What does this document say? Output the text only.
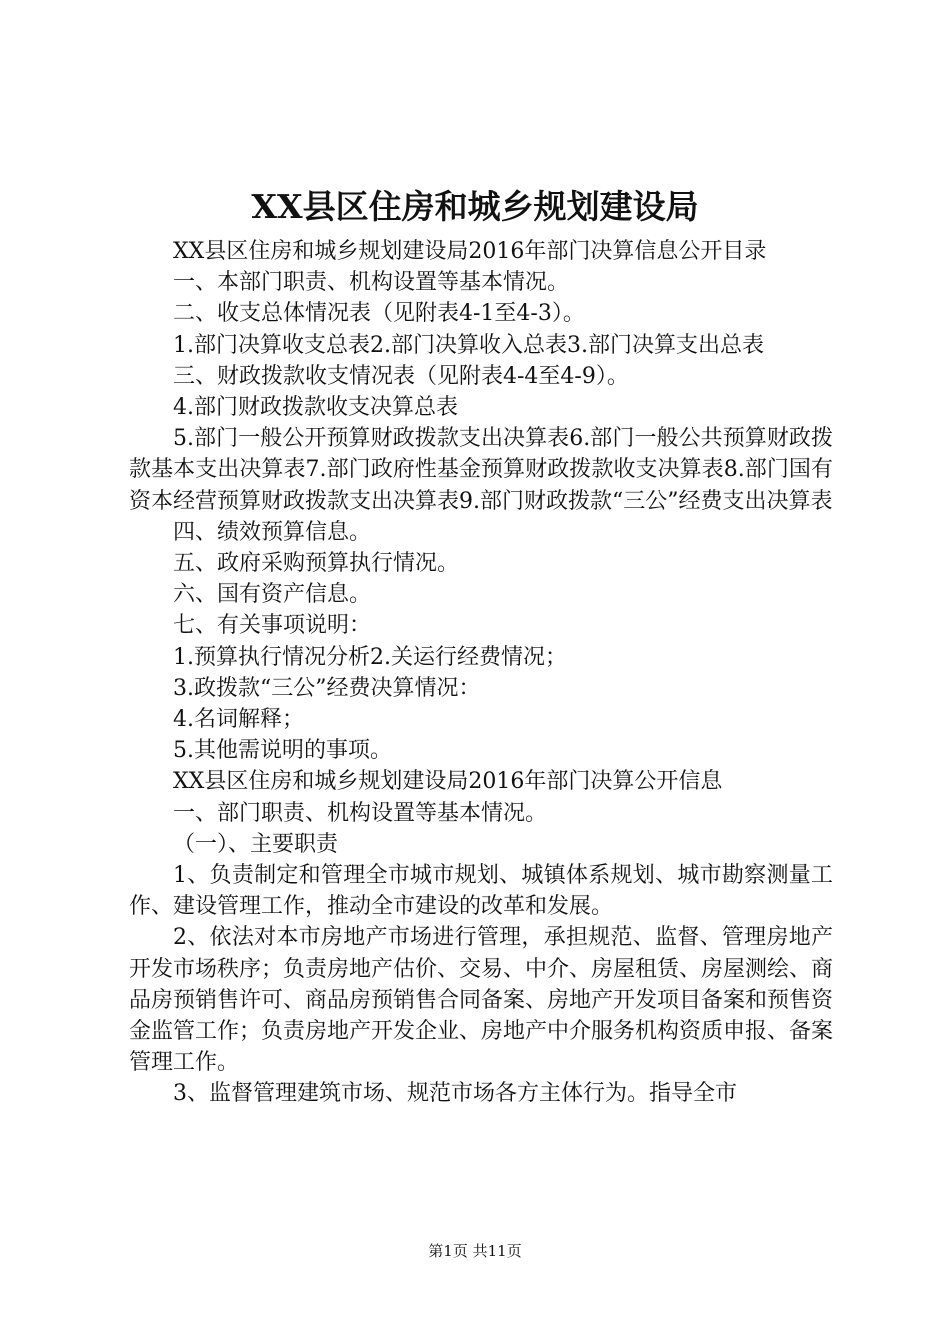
XX县区住房和城乡规划建设局

XX县区住房和城乡规划建设局2016年部门决算信息公开目录

一、本部门职责、机构设置等基本情况。

二、收支总体情况表（见附表4-1至4-3）。

1.部门决算收支总表2.部门决算收入总表3.部门决算支出总表

三、财政拨款收支情况表（见附表4-4至4-9）。

4.部门财政拨款收支决算总表

5.部门一般公开预算财政拨款支出决算表6.部门一般公共预算财政拨款基本支出决算表7.部门政府性基金预算财政拨款收支决算表8.部门国有资本经营预算财政拨款支出决算表9.部门财政拨款“三公”经费支出决算表

四、绩效预算信息。

五、政府采购预算执行情况。

六、国有资产信息。

七、有关事项说明：

1.预算执行情况分析2.关运行经费情况；

3.政拨款“三公”经费决算情况：

4.名词解释；

5.其他需说明的事项。

XX县区住房和城乡规划建设局2016年部门决算公开信息

一、部门职责、机构设置等基本情况。

（一）、主要职责

1、负责制定和管理全市城市规划、城镇体系规划、城市勘察测量工作、建设管理工作，推动全市建设的改革和发展。

2、依法对本市房地产市场进行管理，承担规范、监督、管理房地产开发市场秩序；负责房地产估价、交易、中介、房屋租赁、房屋测绘、商品房预销售许可、商品房预销售合同备案、房地产开发项目备案和预售资金监管工作；负责房地产开发企业、房地产中介服务机构资质申报、备案管理工作。

3、监督管理建筑市场、规范市场各方主体行为。指导全市

第1页 共11页
